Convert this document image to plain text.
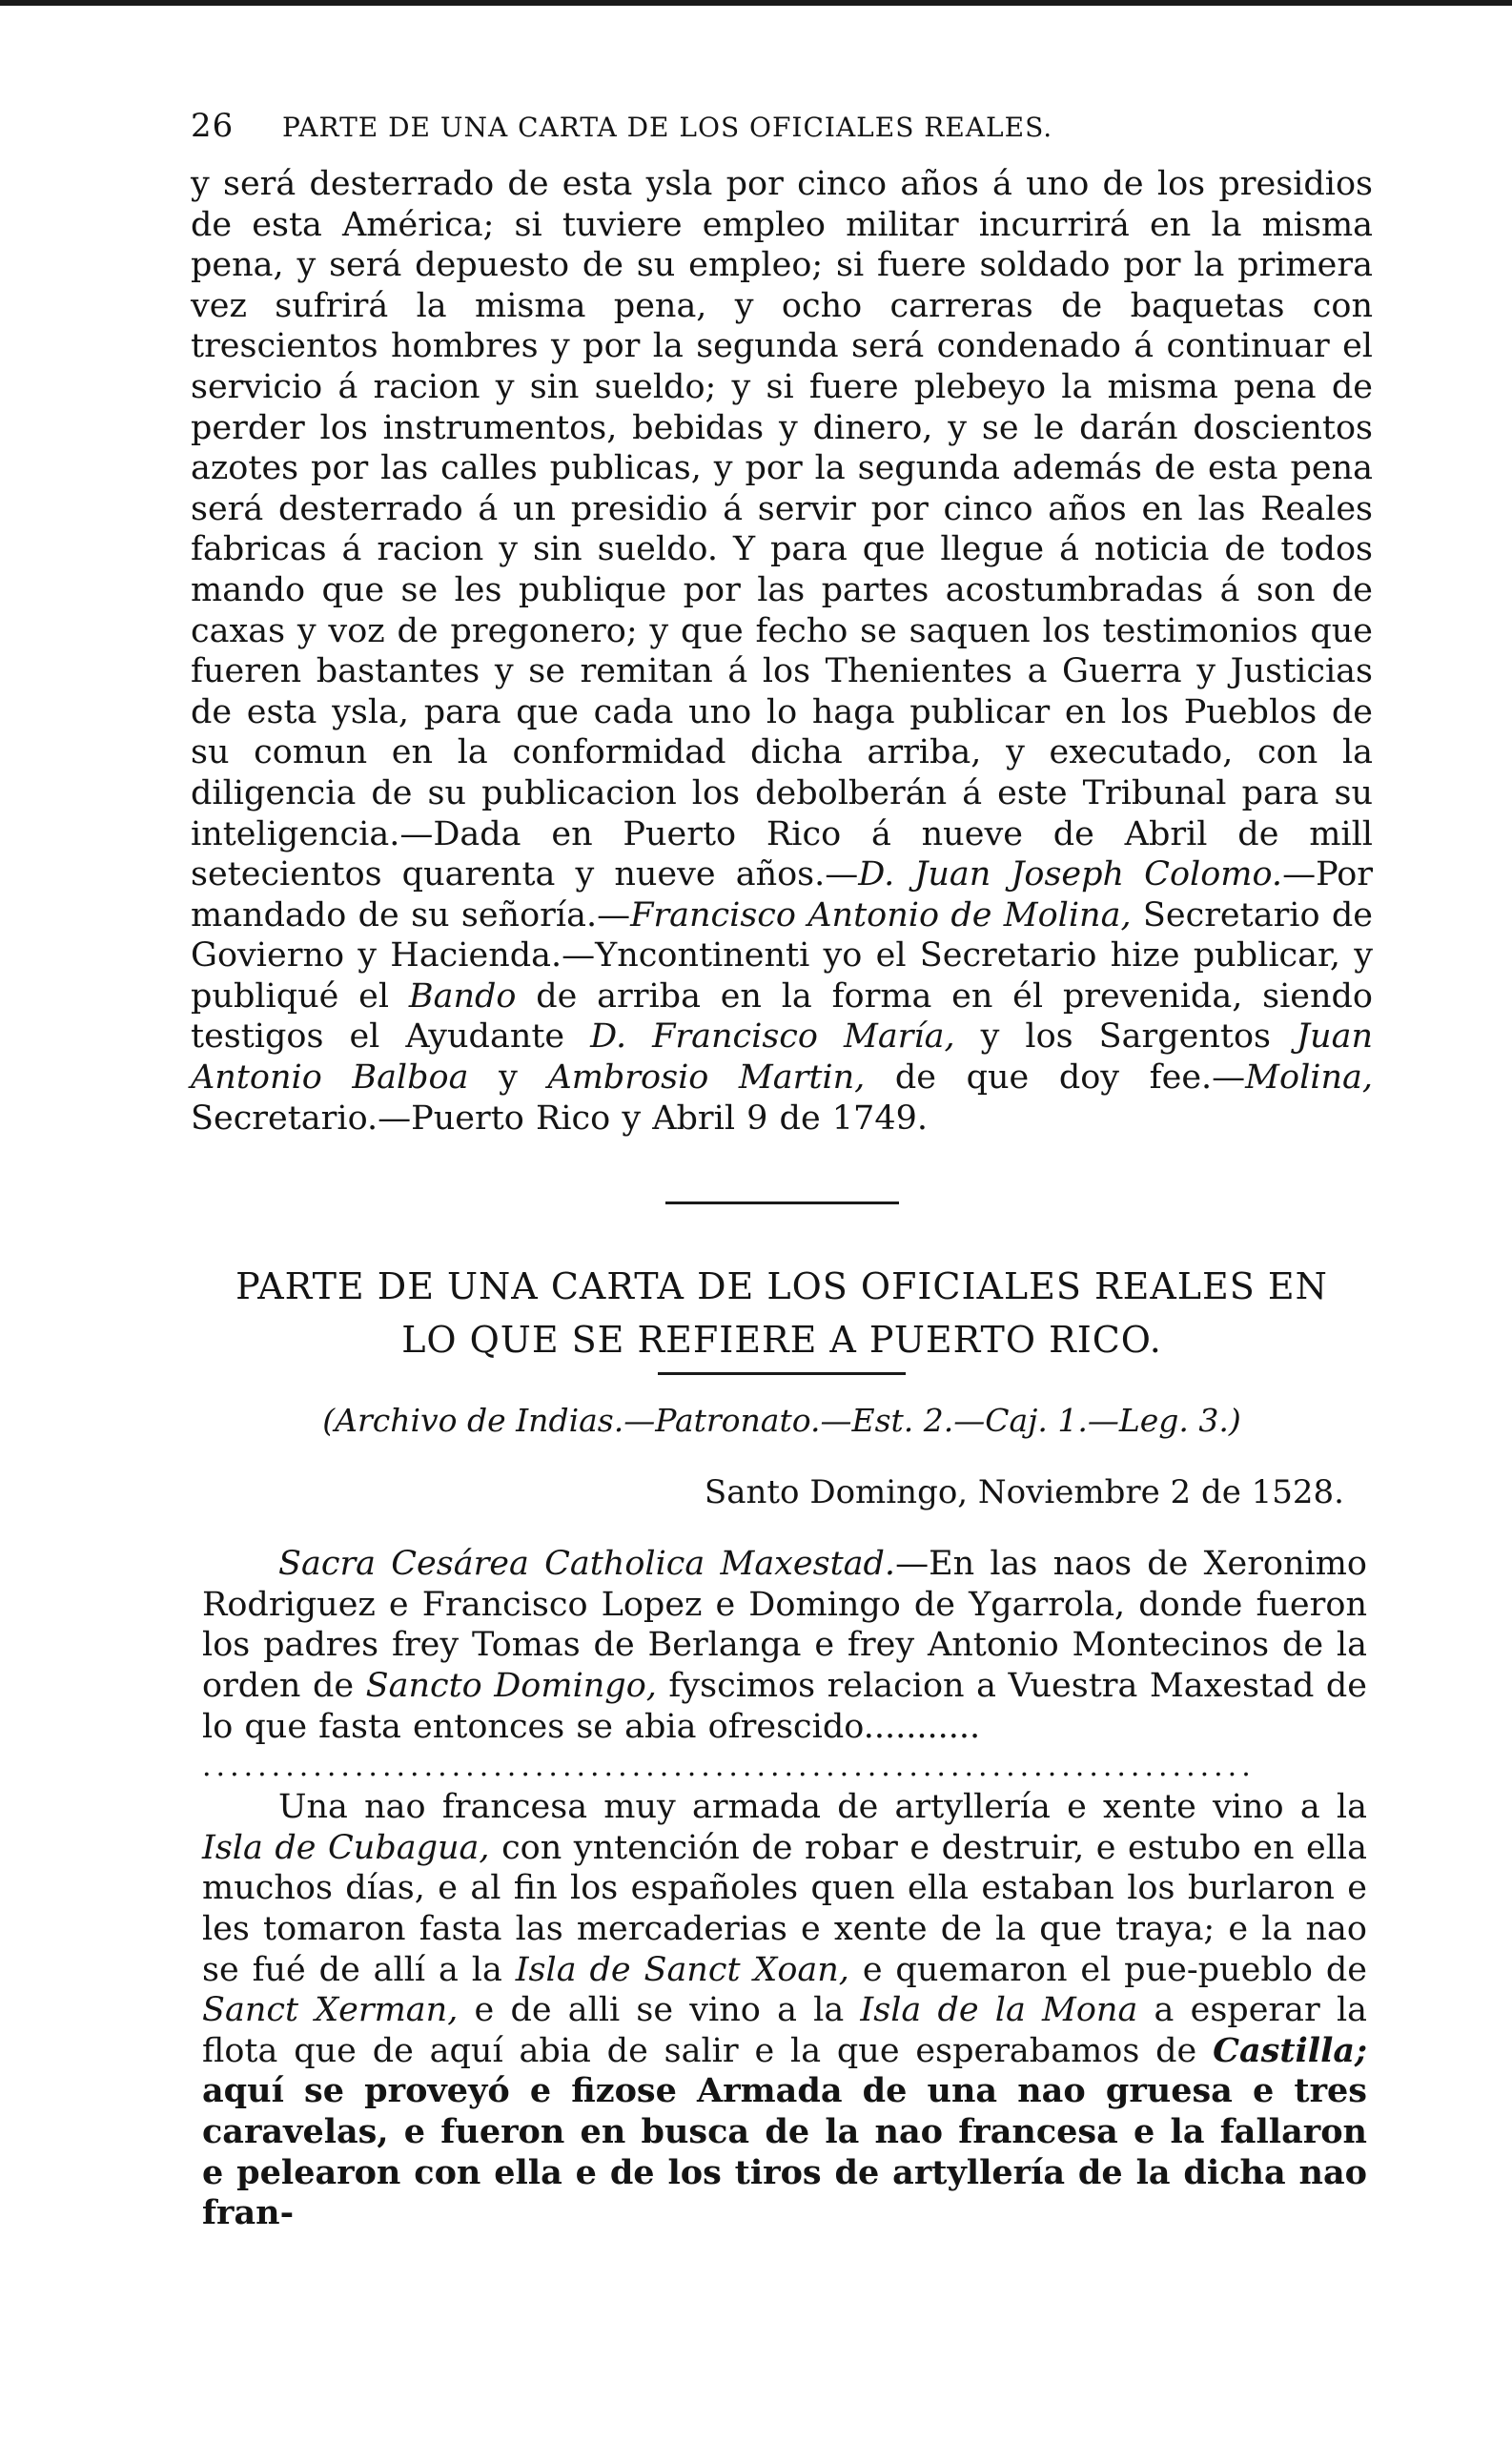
26	PARTE DE UNA CARTA DE LOS OFICIALES REALES.

y será desterrado de esta ysla por cinco años á uno de los presidios de esta América; si tuviere empleo militar incurrirá en la misma pena, y será depuesto de su empleo; si fuere soldado por la primera vez sufrirá la misma pena, y ocho carreras de baquetas con trescientos hombres y por la segunda será condenado á continuar el servicio á racion y sin sueldo; y si fuere plebeyo la misma pena de perder los instrumentos, bebidas y dinero, y se le darán doscientos azotes por las calles publicas, y por la segunda además de esta pena será desterrado á un presidio á servir por cinco años en las Reales fabricas á racion y sin sueldo. Y para que llegue á noticia de todos mando que se les publique por las partes acostumbradas á son de caxas y voz de pregonero; y que fecho se saquen los testimonios que fueren bastantes y se remitan á los Thenientes a Guerra y Justicias de esta ysla, para que cada uno lo haga publicar en los Pueblos de su comun en la conformidad dicha arriba, y executado, con la diligencia de su publicacion los debolberán á este Tribunal para su inteligencia.—Dada en Puerto Rico á nueve de Abril de mill setecientos quarenta y nueve años.—D. Juan Joseph Colomo.—Por mandado de su señoría.—Francisco Antonio de Molina, Secretario de Govierno y Hacienda.—Yncontinenti yo el Secretario hize publicar, y publiqué el Bando de arriba en la forma en él prevenida, siendo testigos el Ayudante D. Francisco María, y los Sargentos Juan Antonio Balboa y Ambrosio Martin, de que doy fee.—Molina, Secretario.—Puerto Rico y Abril 9 de 1749.

PARTE DE UNA CARTA DE LOS OFICIALES REALES EN
LO QUE SE REFIERE A PUERTO RICO.

(Archivo de Indias.—Patronato.—Est. 2.—Caj. 1.—Leg. 3.)

Santo Domingo, Noviembre 2 de 1528.

Sacra Cesárea Catholica Maxestad.—En las naos de Xeronimo Rodriguez e Francisco Lopez e Domingo de Ygarrola, donde fueron los padres frey Tomas de Berlanga e frey Antonio Montecinos de la orden de Sancto Domingo, fyscimos relacion a Vuestra Maxestad de lo que fasta entonces se abia ofrescido...........

............................................................................

Una nao francesa muy armada de artyllería e xente vino a la Isla de Cubagua, con yntención de robar e destruir, e estubo en ella muchos días, e al fin los españoles quen ella estaban los burlaron e les tomaron fasta las mercaderias e xente de la que traya; e la nao se fué de allí a la Isla de Sanct Xoan, e quemaron el pue-pueblo de Sanct Xerman, e de alli se vino a la Isla de la Mona a esperar la flota que de aquí abia de salir e la que esperabamos de Castilla; aquí se proveyó e fizose Armada de una nao gruesa e tres caravelas, e fueron en busca de la nao francesa e la fallaron e pelearon con ella e de los tiros de artyllería de la dicha nao fran-
